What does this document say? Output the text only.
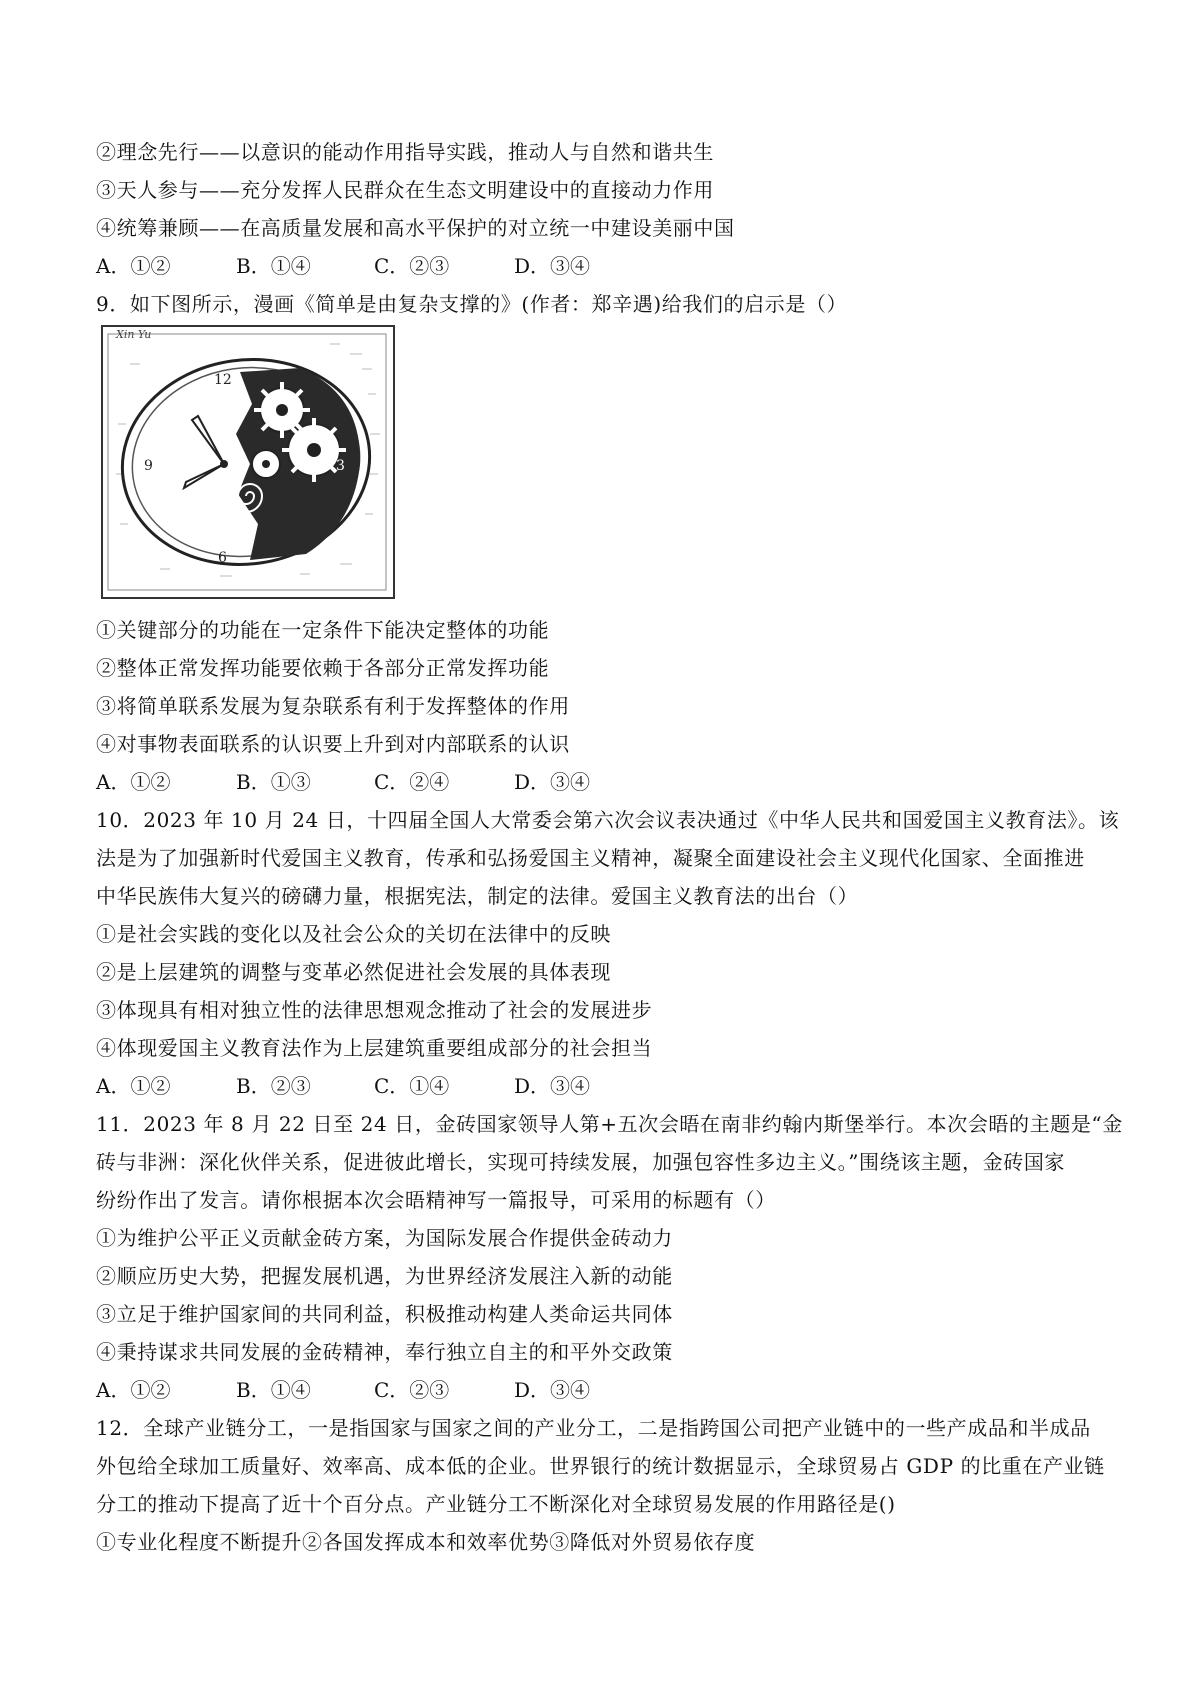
②理念先行——以意识的能动作用指导实践，推动人与自然和谐共生
③天人参与——充分发挥人民群众在生态文明建设中的直接动力作用
④统筹兼顾——在高质量发展和高水平保护的对立统一中建设美丽中国
A．①②	B．①④	C．②③	D．③④
9．如下图所示，漫画《简单是由复杂支撑的》(作者：郑辛遇)给我们的启示是（）
Xin Yu
12
3
6
9
①关键部分的功能在一定条件下能决定整体的功能
②整体正常发挥功能要依赖于各部分正常发挥功能
③将简单联系发展为复杂联系有利于发挥整体的作用
④对事物表面联系的认识要上升到对内部联系的认识
A．①②	B．①③	C．②④	D．③④
10．2023 年 10 月 24 日，十四届全国人大常委会第六次会议表决通过《中华人民共和国爱国主义教育法》。该
法是为了加强新时代爱国主义教育，传承和弘扬爱国主义精神，凝聚全面建设社会主义现代化国家、全面推进
中华民族伟大复兴的磅礴力量，根据宪法，制定的法律。爱国主义教育法的出台（）
①是社会实践的变化以及社会公众的关切在法律中的反映
②是上层建筑的调整与变革必然促进社会发展的具体表现
③体现具有相对独立性的法律思想观念推动了社会的发展进步
④体现爱国主义教育法作为上层建筑重要组成部分的社会担当
A．①②	B．②③	C．①④	D．③④
11．2023 年 8 月 22 日至 24 日，金砖国家领导人第+五次会晤在南非约翰内斯堡举行。本次会晤的主题是“金
砖与非洲：深化伙伴关系，促进彼此增长，实现可持续发展，加强包容性多边主义。”围绕该主题，金砖国家
纷纷作出了发言。请你根据本次会晤精神写一篇报导，可采用的标题有（）
①为维护公平正义贡献金砖方案，为国际发展合作提供金砖动力
②顺应历史大势，把握发展机遇，为世界经济发展注入新的动能
③立足于维护国家间的共同利益，积极推动构建人类命运共同体
④秉持谋求共同发展的金砖精神，奉行独立自主的和平外交政策
A．①②	B．①④	C．②③	D．③④
12．全球产业链分工，一是指国家与国家之间的产业分工，二是指跨国公司把产业链中的一些产成品和半成品
外包给全球加工质量好、效率高、成本低的企业。世界银行的统计数据显示，全球贸易占 GDP 的比重在产业链
分工的推动下提高了近十个百分点。产业链分工不断深化对全球贸易发展的作用路径是()
①专业化程度不断提升②各国发挥成本和效率优势③降低对外贸易依存度
